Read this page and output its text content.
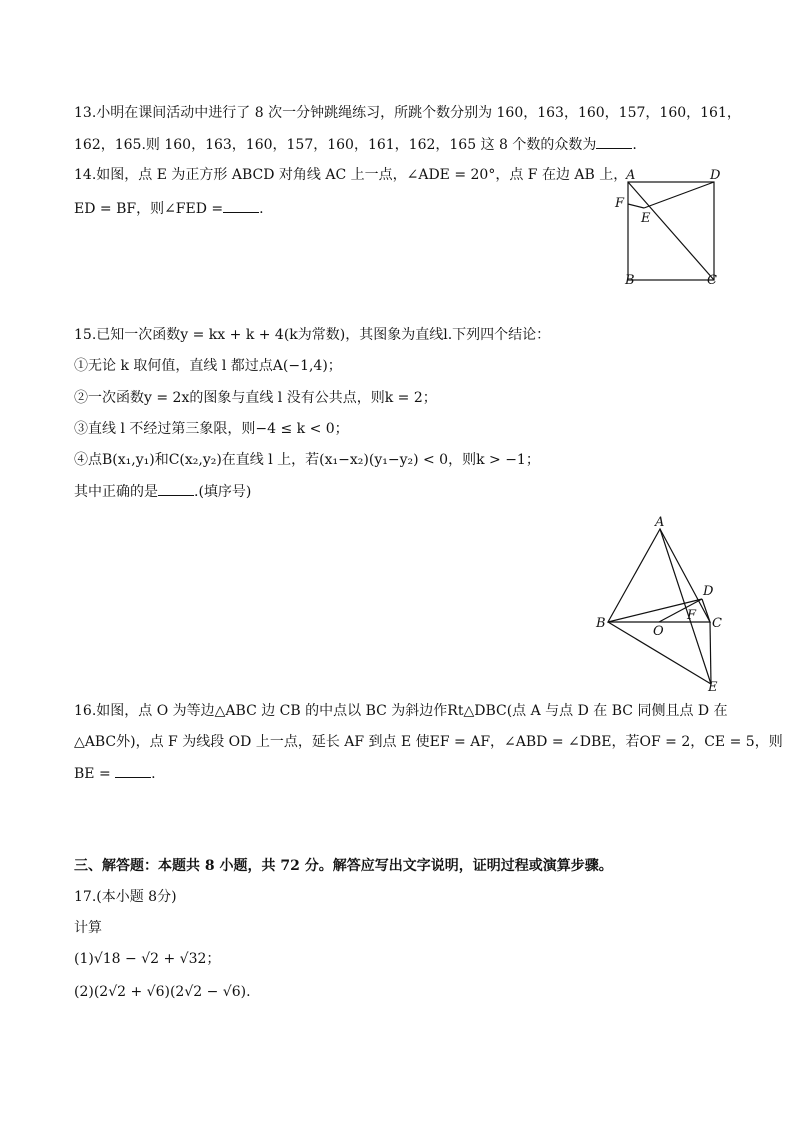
13.小明在课间活动中进行了 8 次一分钟跳绳练习，所跳个数分别为 160，163，160，157，160，161，
162，165.则 160，163，160，157，160，161，162，165 这 8 个数的众数为	.
14.如图，点 E 为正方形 ABCD 对角线 AC 上一点，∠ADE = 20°，点 F 在边 AB 上，
ED = BF，则∠FED =	.
A	D
F
E
B	C
15.已知一次函数y = kx + k + 4(k为常数)，其图象为直线l.下列四个结论：
①无论 k 取何值，直线 l 都过点A(−1,4)；
②一次函数y = 2x的图象与直线 l 没有公共点，则k = 2；
③直线 l 不经过第三象限，则−4 ≤ k < 0；
④点B(x₁,y₁)和C(x₂,y₂)在直线 l 上，若(x₁−x₂)(y₁−y₂) < 0，则k > −1；
其中正确的是	.(填序号)
A
D
F
B
O
C
E
16.如图，点 O 为等边△ABC 边 CB 的中点以 BC 为斜边作Rt△DBC(点 A 与点 D 在 BC 同侧且点 D 在
△ABC外)，点 F 为线段 OD 上一点，延长 AF 到点 E 使EF = AF，∠ABD = ∠DBE，若OF = 2，CE = 5，则
BE =	.
三、解答题：本题共 8 小题，共 72 分。解答应写出文字说明，证明过程或演算步骤。
17.(本小题 8分)
计算
(1)√18 − √2 + √32；
(2)(2√2 + √6)(2√2 − √6).
